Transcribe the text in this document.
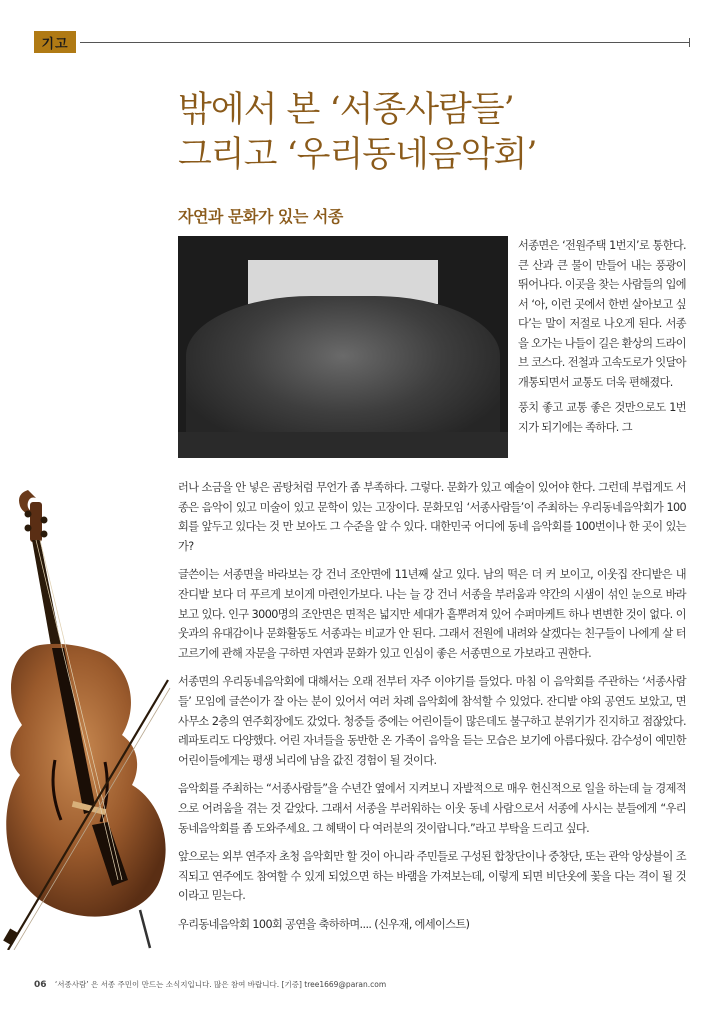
기고
밖에서 본 ‘서종사람들’
그리고 ‘우리동네음악회’
자연과 문화가 있는 서종

서종면은 ‘전원주택 1번지’로 통한다. 큰 산과 큰 물이 만들어 내는 풍광이 뛰어나다. 이곳을 찾는 사람들의 입에서 ‘아, 이런 곳에서 한번 살아보고 싶다’는 말이 저절로 나오게 된다. 서종을 오가는 나들이 길은 환상의 드라이브 코스다. 전철과 고속도로가 잇달아 개통되면서 교통도 더욱 편해졌다.

풍치 좋고 교통 좋은 것만으로도 1번지가 되기에는 족하다. 그

러나 소금을 안 넣은 곰탕처럼 무언가 좀 부족하다. 그렇다. 문화가 있고 예술이 있어야 한다. 그런데 부럽게도 서종은 음악이 있고 미술이 있고 문학이 있는 고장이다. 문화모임 ‘서종사람들’이 주최하는 우리동네음악회가 100회를 앞두고 있다는 것 만 보아도 그 수준을 알 수 있다. 대한민국 어디에 동네 음악회를 100번이나 한 곳이 있는가?

글쓴이는 서종면을 바라보는 강 건너 조안면에 11년째 살고 있다. 남의 떡은 더 커 보이고, 이웃집 잔디밭은 내 잔디밭 보다 더 푸르게 보이게 마련인가보다. 나는 늘 강 건너 서종을 부러움과 약간의 시샘이 섞인 눈으로 바라보고 있다. 인구 3000명의 조안면은 면적은 넓지만 세대가 흩뿌려져 있어 수퍼마케트 하나 변변한 것이 없다. 이웃과의 유대감이나 문화활동도 서종과는 비교가 안 된다. 그래서 전원에 내려와 살겠다는 친구들이 나에게 살 터 고르기에 관해 자문을 구하면 자연과 문화가 있고 인심이 좋은 서종면으로 가보라고 권한다.

서종면의 우리동네음악회에 대해서는 오래 전부터 자주 이야기를 들었다. 마침 이 음악회를 주관하는 ‘서종사람들’ 모임에 글쓴이가 잘 아는 분이 있어서 여러 차례 음악회에 참석할 수 있었다. 잔디밭 야외 공연도 보았고, 면사무소 2층의 연주회장에도 갔었다. 청중들 중에는 어린이들이 많은데도 불구하고 분위기가 진지하고 점잖았다. 레파토리도 다양했다. 어린 자녀들을 동반한 온 가족이 음악을 듣는 모습은 보기에 아름다웠다. 감수성이 예민한 어린이들에게는 평생 뇌리에 남을 값진 경험이 될 것이다.

음악회를 주최하는 “서종사람들”을 수년간 옆에서 지켜보니 자발적으로 매우 헌신적으로 일을 하는데 늘 경제적으로 어려움을 겪는 것 같았다. 그래서 서종을 부러워하는 이웃 동네 사람으로서 서종에 사시는 분들에게 “우리동네음악회를 좀 도와주세요. 그 혜택이 다 여러분의 것이랍니다.”라고 부탁을 드리고 싶다.

앞으로는 외부 연주자 초청 음악회만 할 것이 아니라 주민들로 구성된 합창단이나 중창단, 또는 관악 앙상블이 조직되고 연주에도 참여할 수 있게 되었으면 하는 바램을 가져보는데, 이렇게 되면 비단옷에 꽃을 다는 격이 될 것이라고 믿는다.

우리동네음악회 100회 공연을 축하하며.... (신우재, 에세이스트)

06 ‘서종사람’ 은 서종 주민이 만드는 소식지입니다. 많은 참여 바랍니다. [기증] tree1669@paran.com
